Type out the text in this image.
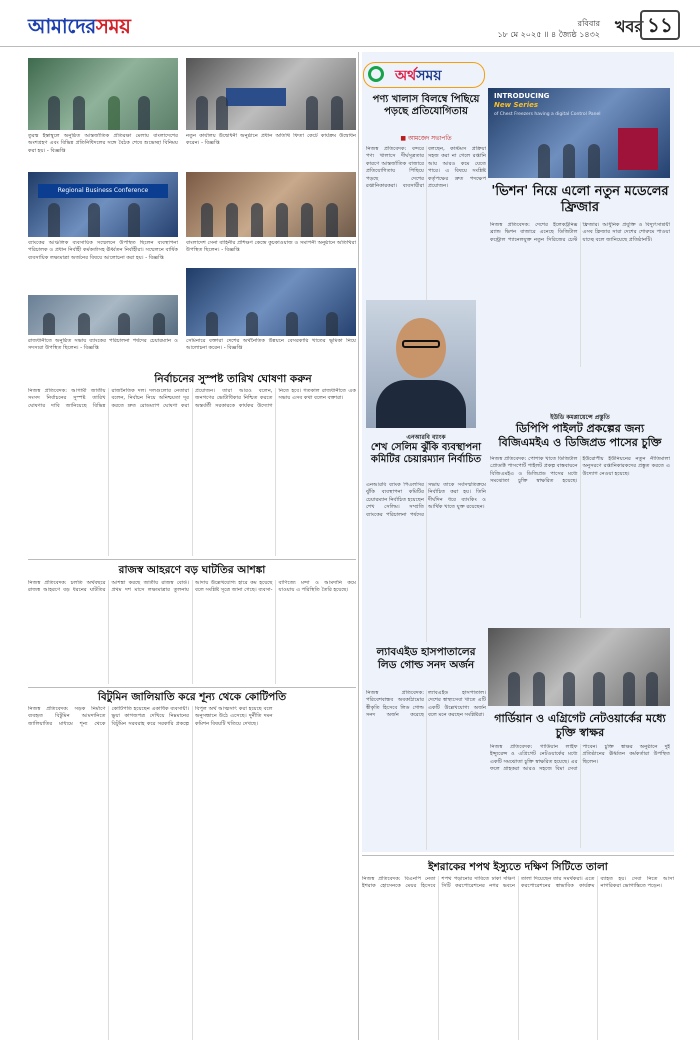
আমাদেরসময়	রবিবার
১৮ মে ২০২৫ ॥ ৪ জ্যৈষ্ঠ ১৪৩২ খবর ১১
তুরস্ক ইস্তাম্বুলে অনুষ্ঠিত আন্তর্জাতিক প্রতিরক্ষা মেলায় বাংলাদেশের অংশগ্রহণ এবং বিভিন্ন প্রতিনিধিদলের সঙ্গে বৈঠক শেষে শুভেচ্ছা বিনিময় করা হয়। - বিজ্ঞপ্তি
নতুন কার্যালয় উদ্বোধনী অনুষ্ঠানে প্রধান অতিথি ফিতা কেটে কার্যক্রম উদ্বোধন করেন। - বিজ্ঞপ্তি
Regional Business Conference
ব্যাংকের আঞ্চলিক ব্যবসায়িক সম্মেলনে উপস্থিত ছিলেন ব্যবস্থাপনা পরিচালক ও প্রধান নির্বাহী কর্মকর্তাসহ ঊর্ধ্বতন নির্বাহীরা। সম্মেলনে বার্ষিক ব্যবসায়িক লক্ষ্যমাত্রা অর্জনের বিষয়ে আলোচনা করা হয়। - বিজ্ঞপ্তি
বাংলাদেশ সেনা বাহিনীর প্রশিক্ষণ কেন্দ্রে কুচকাওয়াজ ও সমাপনী অনুষ্ঠানে অতিথিরা উপস্থিত ছিলেন। - বিজ্ঞপ্তি
রাজধানীতে অনুষ্ঠিত সভায় ব্যাংকের পরিচালনা পর্ষদের চেয়ারম্যান ও সদস্যরা উপস্থিত ছিলেন। - বিজ্ঞপ্তি
সেমিনারে বক্তারা দেশের অর্থনৈতিক উন্নয়নে বেসরকারি খাতের ভূমিকা নিয়ে আলোচনা করেন। - বিজ্ঞপ্তি
নির্বাচনের সুস্পষ্ট তারিখ ঘোষণা করুন
নিজস্ব প্রতিবেদক: আগামী জাতীয় সংসদ নির্বাচনের সুস্পষ্ট তারিখ ঘোষণার দাবি জানিয়েছে বিভিন্ন রাজনৈতিক দল। দলগুলোর নেতারা বলেন, নির্বাচন নিয়ে অনিশ্চয়তা দূর করতে দ্রুত রোডম্যাপ ঘোষণা করা প্রয়োজন। তারা আরও বলেন, জনগণের ভোটাধিকার নিশ্চিত করতে অন্তর্বর্তী সরকারকে কার্যকর উদ্যোগ নিতে হবে। গতকাল রাজধানীতে এক সভায় এসব কথা বলেন বক্তারা।
রাজস্ব আহরণে বড় ঘাটতির আশঙ্কা
নিজস্ব প্রতিবেদক: চলতি অর্থবছরে রাজস্ব আহরণে বড় ধরনের ঘাটতির আশঙ্কা করছে জাতীয় রাজস্ব বোর্ড। প্রথম দশ মাসে লক্ষ্যমাত্রার তুলনায় আদায় উল্লেখযোগ্য হারে কম হয়েছে বলে সংশ্লিষ্ট সূত্রে জানা গেছে। ব্যবসা-বাণিজ্যে মন্দা ও আমদানি কমে যাওয়ায় এ পরিস্থিতি তৈরি হয়েছে।
বিটুমিন জালিয়াতি করে শূন্য থেকে কোটিপতি
নিজস্ব প্রতিবেদক: সড়ক নির্মাণে ব্যবহৃত বিটুমিন আমদানিতে জালিয়াতির মাধ্যমে শূন্য থেকে কোটিপতি হয়েছেন একাধিক ব্যবসায়ী। ভুয়া কাগজপত্র দেখিয়ে নিম্নমানের বিটুমিন সরবরাহ করে সরকারি প্রকল্পে বিপুল অর্থ আত্মসাৎ করা হয়েছে বলে অনুসন্ধানে উঠে এসেছে। দুর্নীতি দমন কমিশন বিষয়টি খতিয়ে দেখছে।
অর্থসময়
পণ্য খালাস বিলম্বে পিছিয়ে পড়ছে প্রতিযোগিতায়
■ আমজেদ সভাপতি
নিজস্ব প্রতিবেদক: বন্দরে পণ্য খালাসে দীর্ঘসূত্রতার কারণে আন্তর্জাতিক বাজারে প্রতিযোগিতায় পিছিয়ে পড়ছে দেশের রপ্তানিকারকরা। ব্যবসায়ীরা বলছেন, কাস্টমস প্রক্রিয়া সহজ করা না গেলে রপ্তানি আয় আরও কমে যেতে পারে। এ বিষয়ে সংশ্লিষ্ট কর্তৃপক্ষের দ্রুত পদক্ষেপ প্রয়োজন।
INTRODUCING
New Series
of Chest Freezers having a digital Control Panel
'ভিশন' নিয়ে এলো নতুন মডেলের ফ্রিজার
নিজস্ব প্রতিবেদক: দেশের ইলেকট্রনিক্স ব্র্যান্ড ভিশন বাজারে এনেছে ডিজিটাল কন্ট্রোল প্যানেলযুক্ত নতুন সিরিজের চেস্ট ফ্রিজার। আধুনিক প্রযুক্তি ও বিদ্যুৎসাশ্রয়ী এসব ফ্রিজার সারা দেশের শোরুমে পাওয়া যাচ্ছে বলে জানিয়েছে প্রতিষ্ঠানটি।
এনআরবি ব্যাংক
শেখ সেলিম ঝুঁকি ব্যবস্থাপনা কমিটির চেয়ারম্যান নির্বাচিত
এনআরবি ব্যাংক পিএলসির ঝুঁকি ব্যবস্থাপনা কমিটির চেয়ারম্যান নির্বাচিত হয়েছেন শেখ সেলিম। সম্প্রতি ব্যাংকের পরিচালনা পর্ষদের সভায় তাকে সর্বসম্মতিক্রমে নির্বাচিত করা হয়। তিনি দীর্ঘদিন ধরে ব্যাংকিং ও আর্থিক খাতে যুক্ত রয়েছেন।
ইউডি কমপ্লায়েন্সে প্রস্তুতি
ডিপিপি পাইলট প্রকল্পের জন্য বিজিএমইএ ও ডিজিপ্রড পাসের চুক্তি
নিজস্ব প্রতিবেদক: পোশাক খাতে ডিজিটাল প্রোডাক্ট পাসপোর্ট পাইলট প্রকল্প বাস্তবায়নে বিজিএমইএ ও ডিজিপ্রড পাসের মধ্যে সমঝোতা চুক্তি স্বাক্ষরিত হয়েছে। ইউরোপীয় ইউনিয়নের নতুন নীতিমালা অনুসরণে রপ্তানিকারকদের প্রস্তুত করতে এ উদ্যোগ নেওয়া হয়েছে।
ল্যাবএইড হাসপাতালের লিড গোল্ড সনদ অর্জন
নিজস্ব প্রতিবেদক: পরিবেশবান্ধব অবকাঠামোর স্বীকৃতি হিসেবে লিড গোল্ড সনদ অর্জন করেছে ল্যাবএইড হাসপাতাল। দেশের স্বাস্থ্যসেবা খাতে এটি একটি উল্লেখযোগ্য অর্জন বলে মনে করছেন সংশ্লিষ্টরা। গার্ডিয়ান ও এগ্রিগেট নেটওয়ার্কের মধ্যে চুক্তি স্বাক্ষর
নিজস্ব প্রতিবেদক: গার্ডিয়ান লাইফ ইন্স্যুরেন্স ও এগ্রিগেট নেটওয়ার্কের মধ্যে একটি সমঝোতা চুক্তি স্বাক্ষরিত হয়েছে। এর ফলে গ্রাহকরা আরও সহজে বিমা সেবা পাবেন। চুক্তি স্বাক্ষর অনুষ্ঠানে দুই প্রতিষ্ঠানের ঊর্ধ্বতন কর্মকর্তারা উপস্থিত ছিলেন।
ইশরাকের শপথ ইস্যুতে দক্ষিণ সিটিতে তালা
নিজস্ব প্রতিবেদক: বিএনপি নেতা ইশরাক হোসেনকে মেয়র হিসেবে শপথ পড়ানোর দাবিতে ঢাকা দক্ষিণ সিটি করপোরেশনের নগর ভবনে তালা দিয়েছেন তার সমর্থকরা। এতে করপোরেশনের স্বাভাবিক কার্যক্রম ব্যাহত হয়। সেবা নিতে আসা নাগরিকরা ভোগান্তিতে পড়েন।
